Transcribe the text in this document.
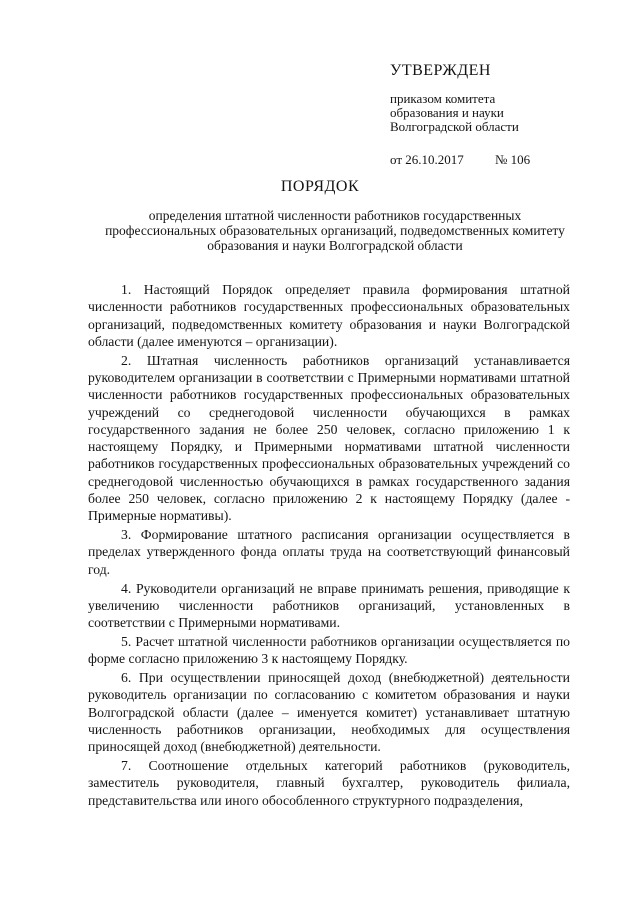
УТВЕРЖДЕН

приказом комитета

образования и науки

Волгоградской области

от 26.10.2017 № 106
ПОРЯДОК

определения штатной численности работников государственных профессиональных образовательных организаций, подведомственных комитету образования и науки Волгоградской области

1. Настоящий Порядок определяет правила формирования штатной численности работников государственных профессиональных образовательных организаций, подведомственных комитету образования и науки Волгоградской области (далее именуются – организации).

2. Штатная численность работников организаций устанавливается руководителем организации в соответствии с Примерными нормативами штатной численности работников государственных профессиональных образовательных учреждений со среднегодовой численности обучающихся в рамках государственного задания не более 250 человек, согласно приложению 1 к настоящему Порядку, и Примерными нормативами штатной численности работников государственных профессиональных образовательных учреждений со среднегодовой численностью обучающихся в рамках государственного задания более 250 человек, согласно приложению 2 к настоящему Порядку (далее - Примерные нормативы).

3. Формирование штатного расписания организации осуществляется в пределах утвержденного фонда оплаты труда на соответствующий финансовый год.

4. Руководители организаций не вправе принимать решения, приводящие к увеличению численности работников организаций, установленных в соответствии с Примерными нормативами.

5. Расчет штатной численности работников организации осуществляется по форме согласно приложению 3 к настоящему Порядку.

6. При осуществлении приносящей доход (внебюджетной) деятельности руководитель организации по согласованию с комитетом образования и науки Волгоградской области (далее – именуется комитет) устанавливает штатную численность работников организации, необходимых для осуществления приносящей доход (внебюджетной) деятельности.

7. Соотношение отдельных категорий работников (руководитель, заместитель руководителя, главный бухгалтер, руководитель филиала, представительства или иного обособленного структурного подразделения,
